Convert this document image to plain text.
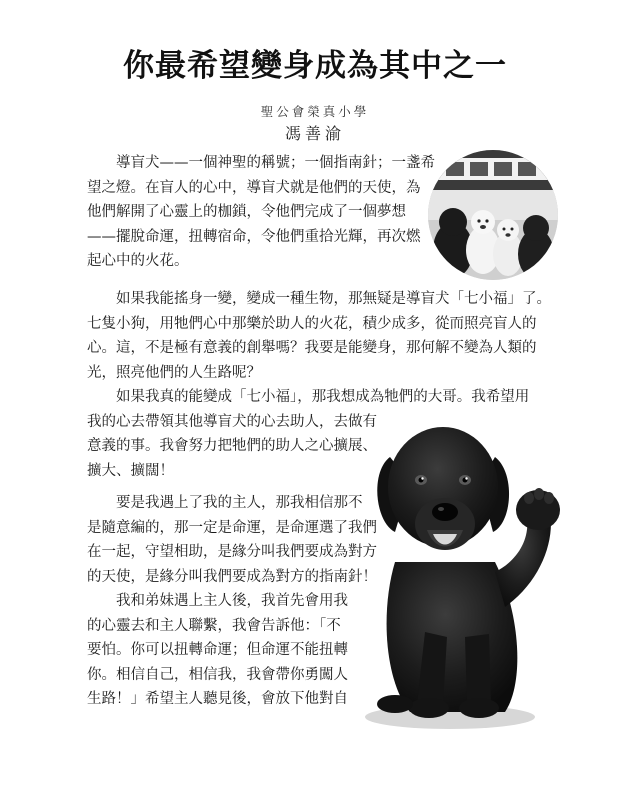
你最希望變身成為其中之一
聖公會榮真小學
馮善渝
導盲犬——一個神聖的稱號；一個指南針；一盞希
望之燈。在盲人的心中，導盲犬就是他們的天使，為
他們解開了心靈上的枷鎖，令他們完成了一個夢想
——擺脫命運，扭轉宿命，令他們重拾光輝，再次燃
起心中的火花。
如果我能搖身一變，變成一種生物，那無疑是導盲犬「七小福」了。
七隻小狗，用牠們心中那樂於助人的火花，積少成多，從而照亮盲人的
心。這，不是極有意義的創舉嗎？我要是能變身，那何解不變為人類的
光，照亮他們的人生路呢？
如果我真的能變成「七小福」，那我想成為牠們的大哥。我希望用
我的心去帶領其他導盲犬的心去助人，去做有
意義的事。我會努力把牠們的助人之心擴展、
擴大、擴闊！
要是我遇上了我的主人，那我相信那不
是隨意編的，那一定是命運，是命運選了我們
在一起，守望相助，是緣分叫我們要成為對方
的天使，是緣分叫我們要成為對方的指南針！
我和弟妹遇上主人後，我首先會用我
的心靈去和主人聯繫，我會告訴他：「不
要怕。你可以扭轉命運；但命運不能扭轉
你。相信自己，相信我，我會帶你勇闖人
生路！」希望主人聽見後，會放下他對自
